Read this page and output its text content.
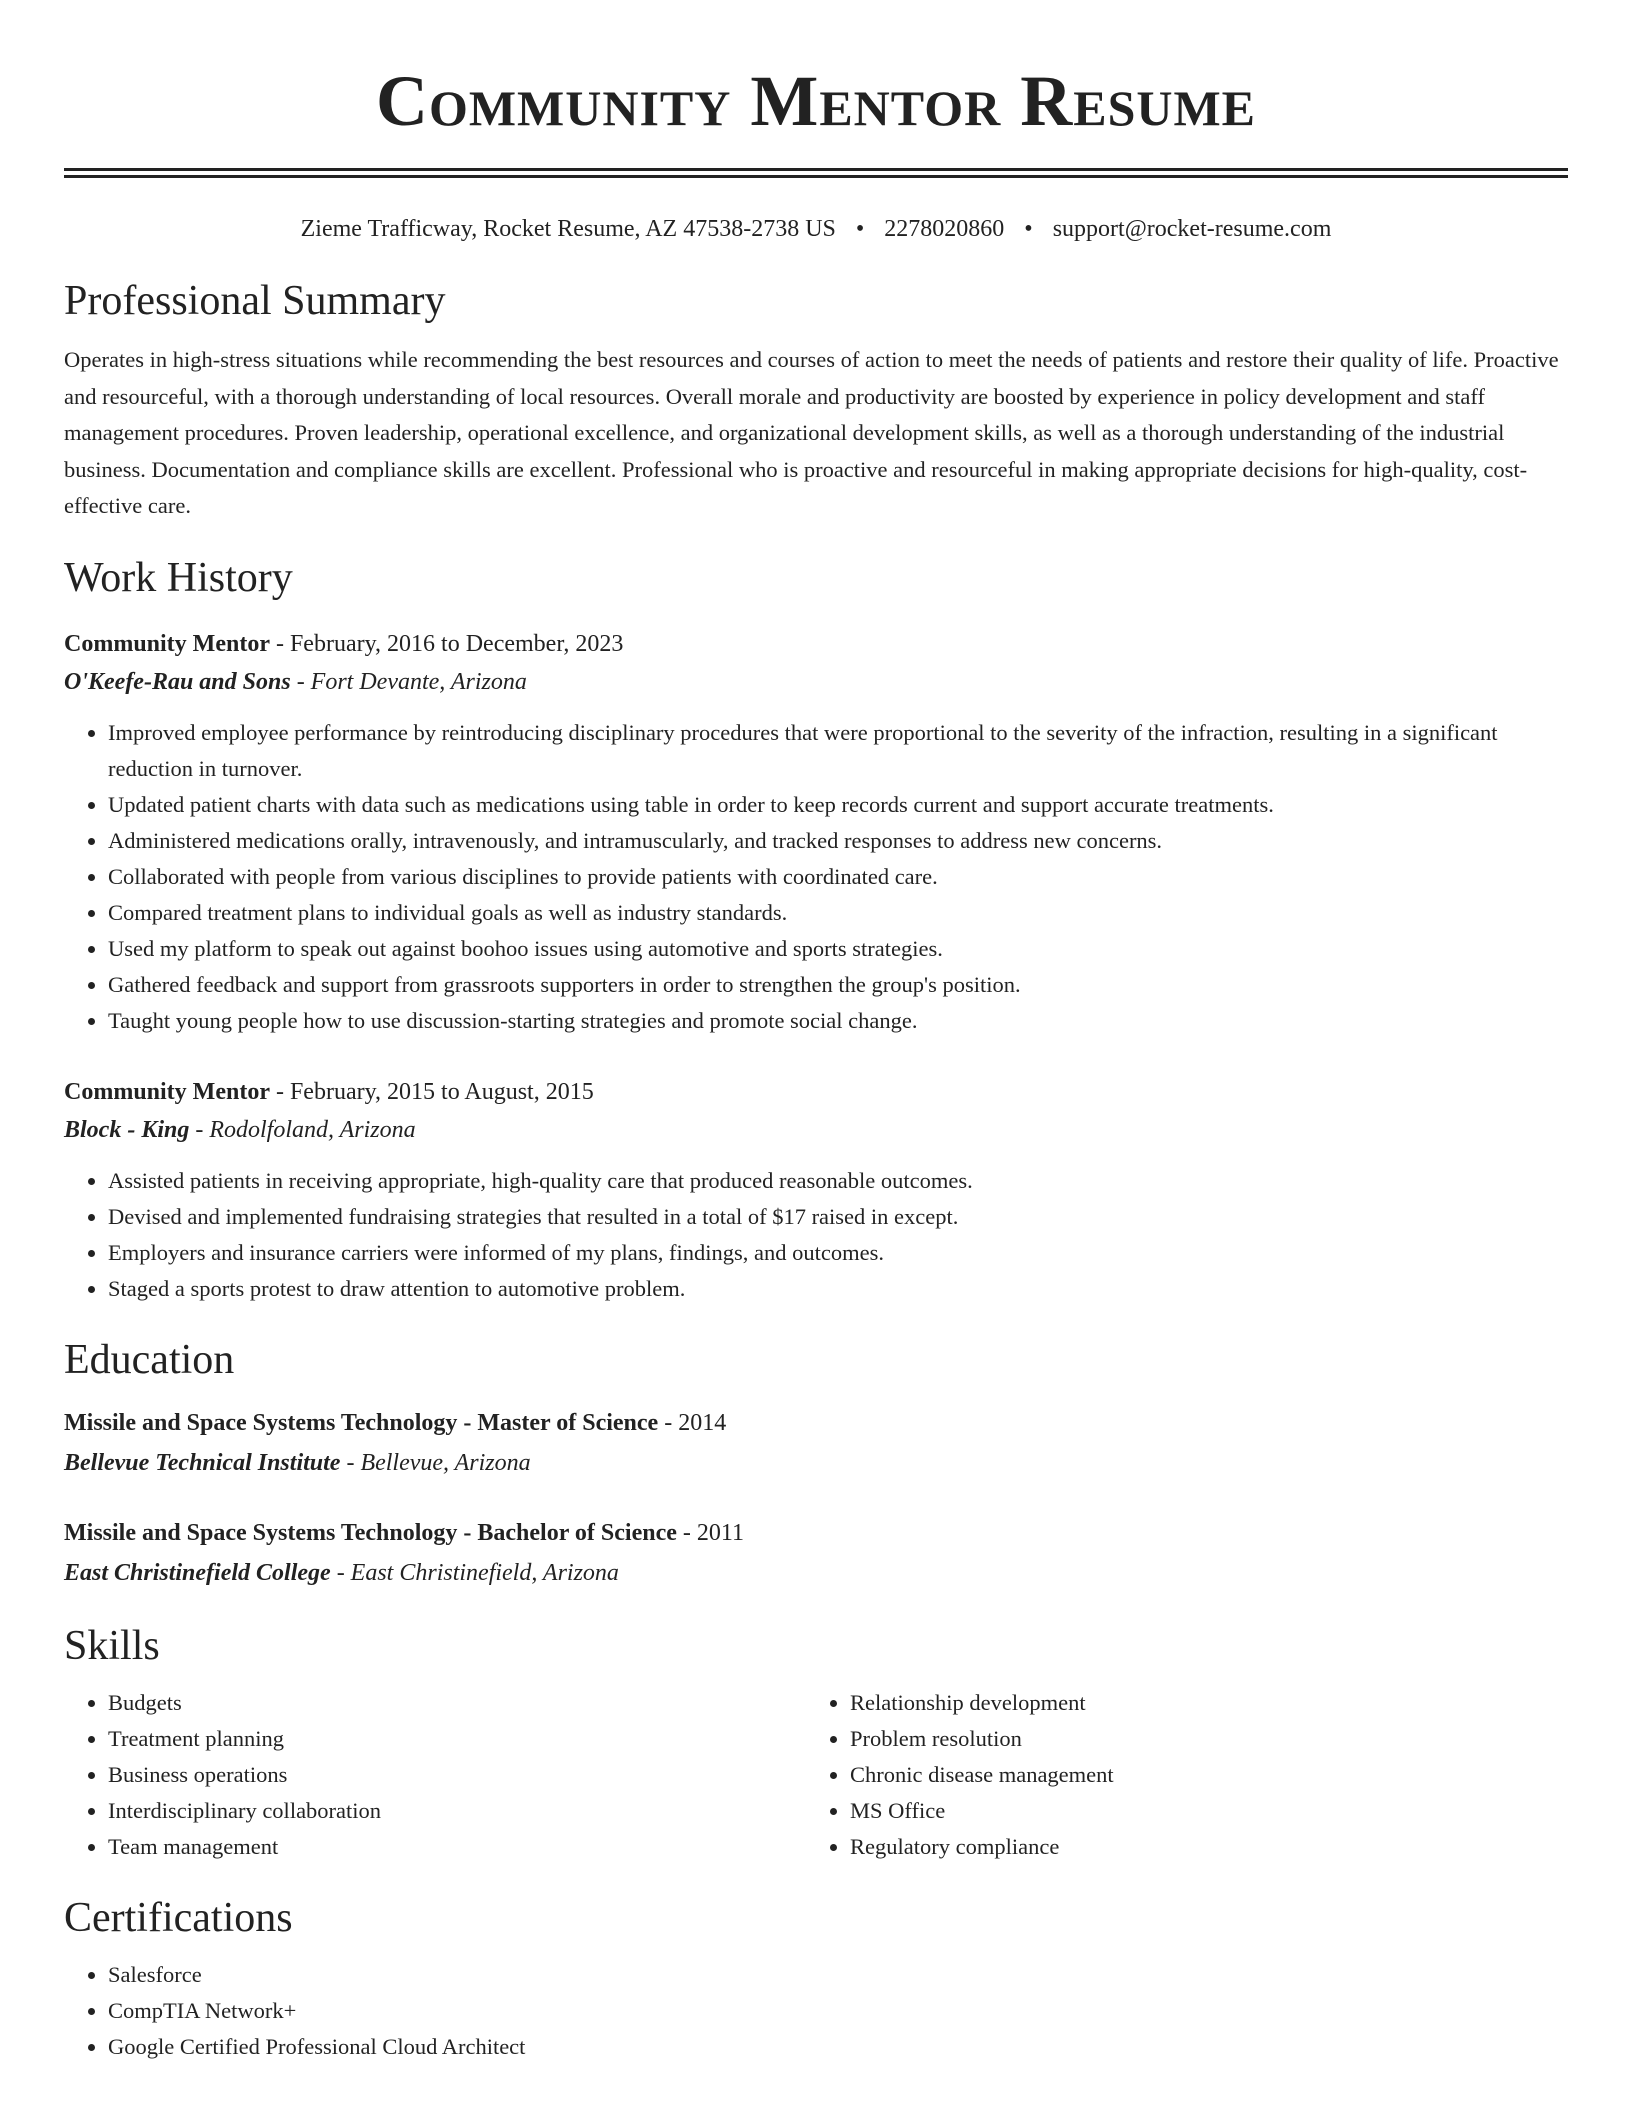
Community Mentor Resume
Zieme Trafficway, Rocket Resume, AZ 47538-2738 US • 2278020860 • support@rocket-resume.com
Professional Summary

Operates in high-stress situations while recommending the best resources and courses of action to meet the needs of patients and restore their quality of life. Proactive and resourceful, with a thorough understanding of local resources. Overall morale and productivity are boosted by experience in policy development and staff management procedures. Proven leadership, operational excellence, and organizational development skills, as well as a thorough understanding of the industrial business. Documentation and compliance skills are excellent. Professional who is proactive and resourceful in making appropriate decisions for high-quality, cost-effective care.

Work History
Community Mentor - February, 2016 to December, 2023
O'Keefe-Rau and Sons - Fort Devante, Arizona
• Improved employee performance by reintroducing disciplinary procedures that were proportional to the severity of the infraction, resulting in a significant reduction in turnover.
• Updated patient charts with data such as medications using table in order to keep records current and support accurate treatments.
• Administered medications orally, intravenously, and intramuscularly, and tracked responses to address new concerns.
• Collaborated with people from various disciplines to provide patients with coordinated care.
• Compared treatment plans to individual goals as well as industry standards.
• Used my platform to speak out against boohoo issues using automotive and sports strategies.
• Gathered feedback and support from grassroots supporters in order to strengthen the group's position.
• Taught young people how to use discussion-starting strategies and promote social change.
Community Mentor - February, 2015 to August, 2015
Block - King - Rodolfoland, Arizona
• Assisted patients in receiving appropriate, high-quality care that produced reasonable outcomes.
• Devised and implemented fundraising strategies that resulted in a total of $17 raised in except.
• Employers and insurance carriers were informed of my plans, findings, and outcomes.
• Staged a sports protest to draw attention to automotive problem.
Education
Missile and Space Systems Technology - Master of Science - 2014
Bellevue Technical Institute - Bellevue, Arizona
Missile and Space Systems Technology - Bachelor of Science - 2011
East Christinefield College - East Christinefield, Arizona
Skills
• Budgets
• Treatment planning
• Business operations
• Interdisciplinary collaboration
• Team management
• Relationship development
• Problem resolution
• Chronic disease management
• MS Office
• Regulatory compliance
Certifications
• Salesforce
• CompTIA Network+
• Google Certified Professional Cloud Architect
